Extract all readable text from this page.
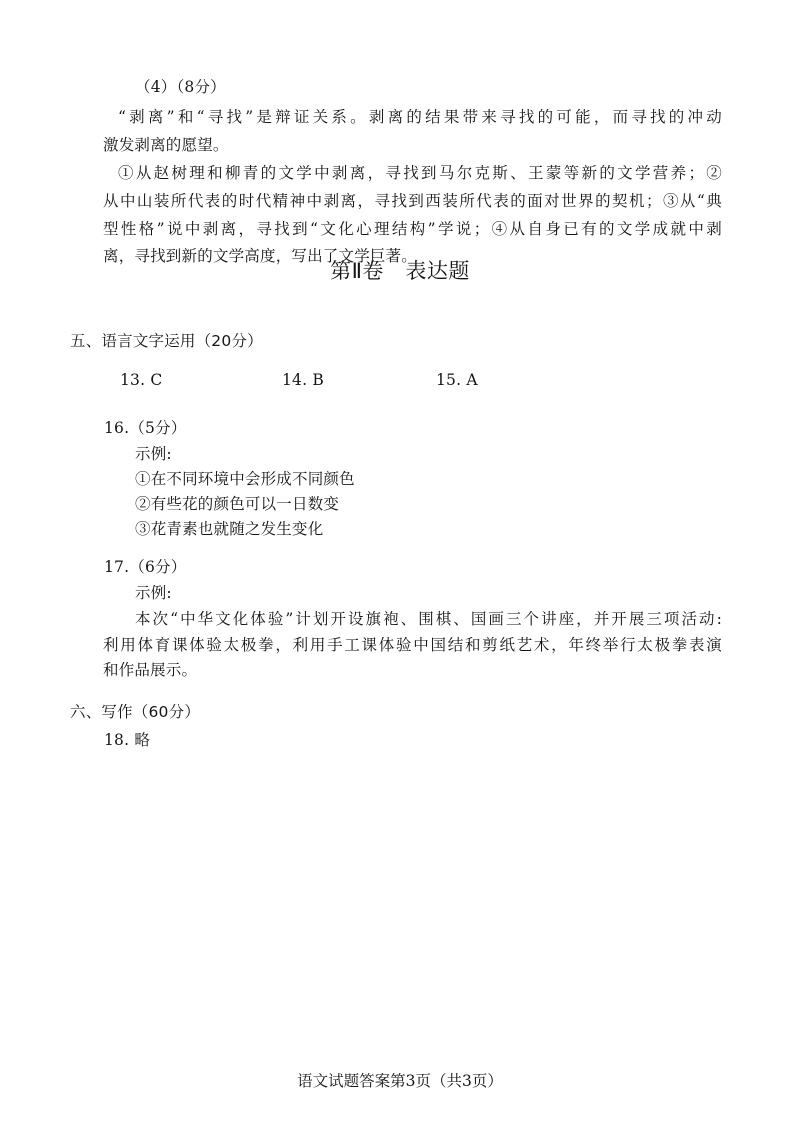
（4）（8分）
“剥离”和“寻找”是辩证关系。剥离的结果带来寻找的可能，而寻找的冲动
激发剥离的愿望。
①从赵树理和柳青的文学中剥离，寻找到马尔克斯、王蒙等新的文学营养；②
从中山装所代表的时代精神中剥离，寻找到西装所代表的面对世界的契机；③从“典
型性格”说中剥离，寻找到“文化心理结构”学说；④从自身已有的文学成就中剥
离，寻找到新的文学高度，写出了文学巨著。
第Ⅱ卷　表达题
五、语言文字运用（20分）
13. C	14. B	15. A
16.（5分）
示例:
①在不同环境中会形成不同颜色
②有些花的颜色可以一日数变
③花青素也就随之发生变化
17.（6分）
示例:
本次“中华文化体验”计划开设旗袍、围棋、国画三个讲座，并开展三项活动:
利用体育课体验太极拳，利用手工课体验中国结和剪纸艺术，年终举行太极拳表演
和作品展示。
六、写作（60分）
18. 略
语文试题答案第3页（共3页）
